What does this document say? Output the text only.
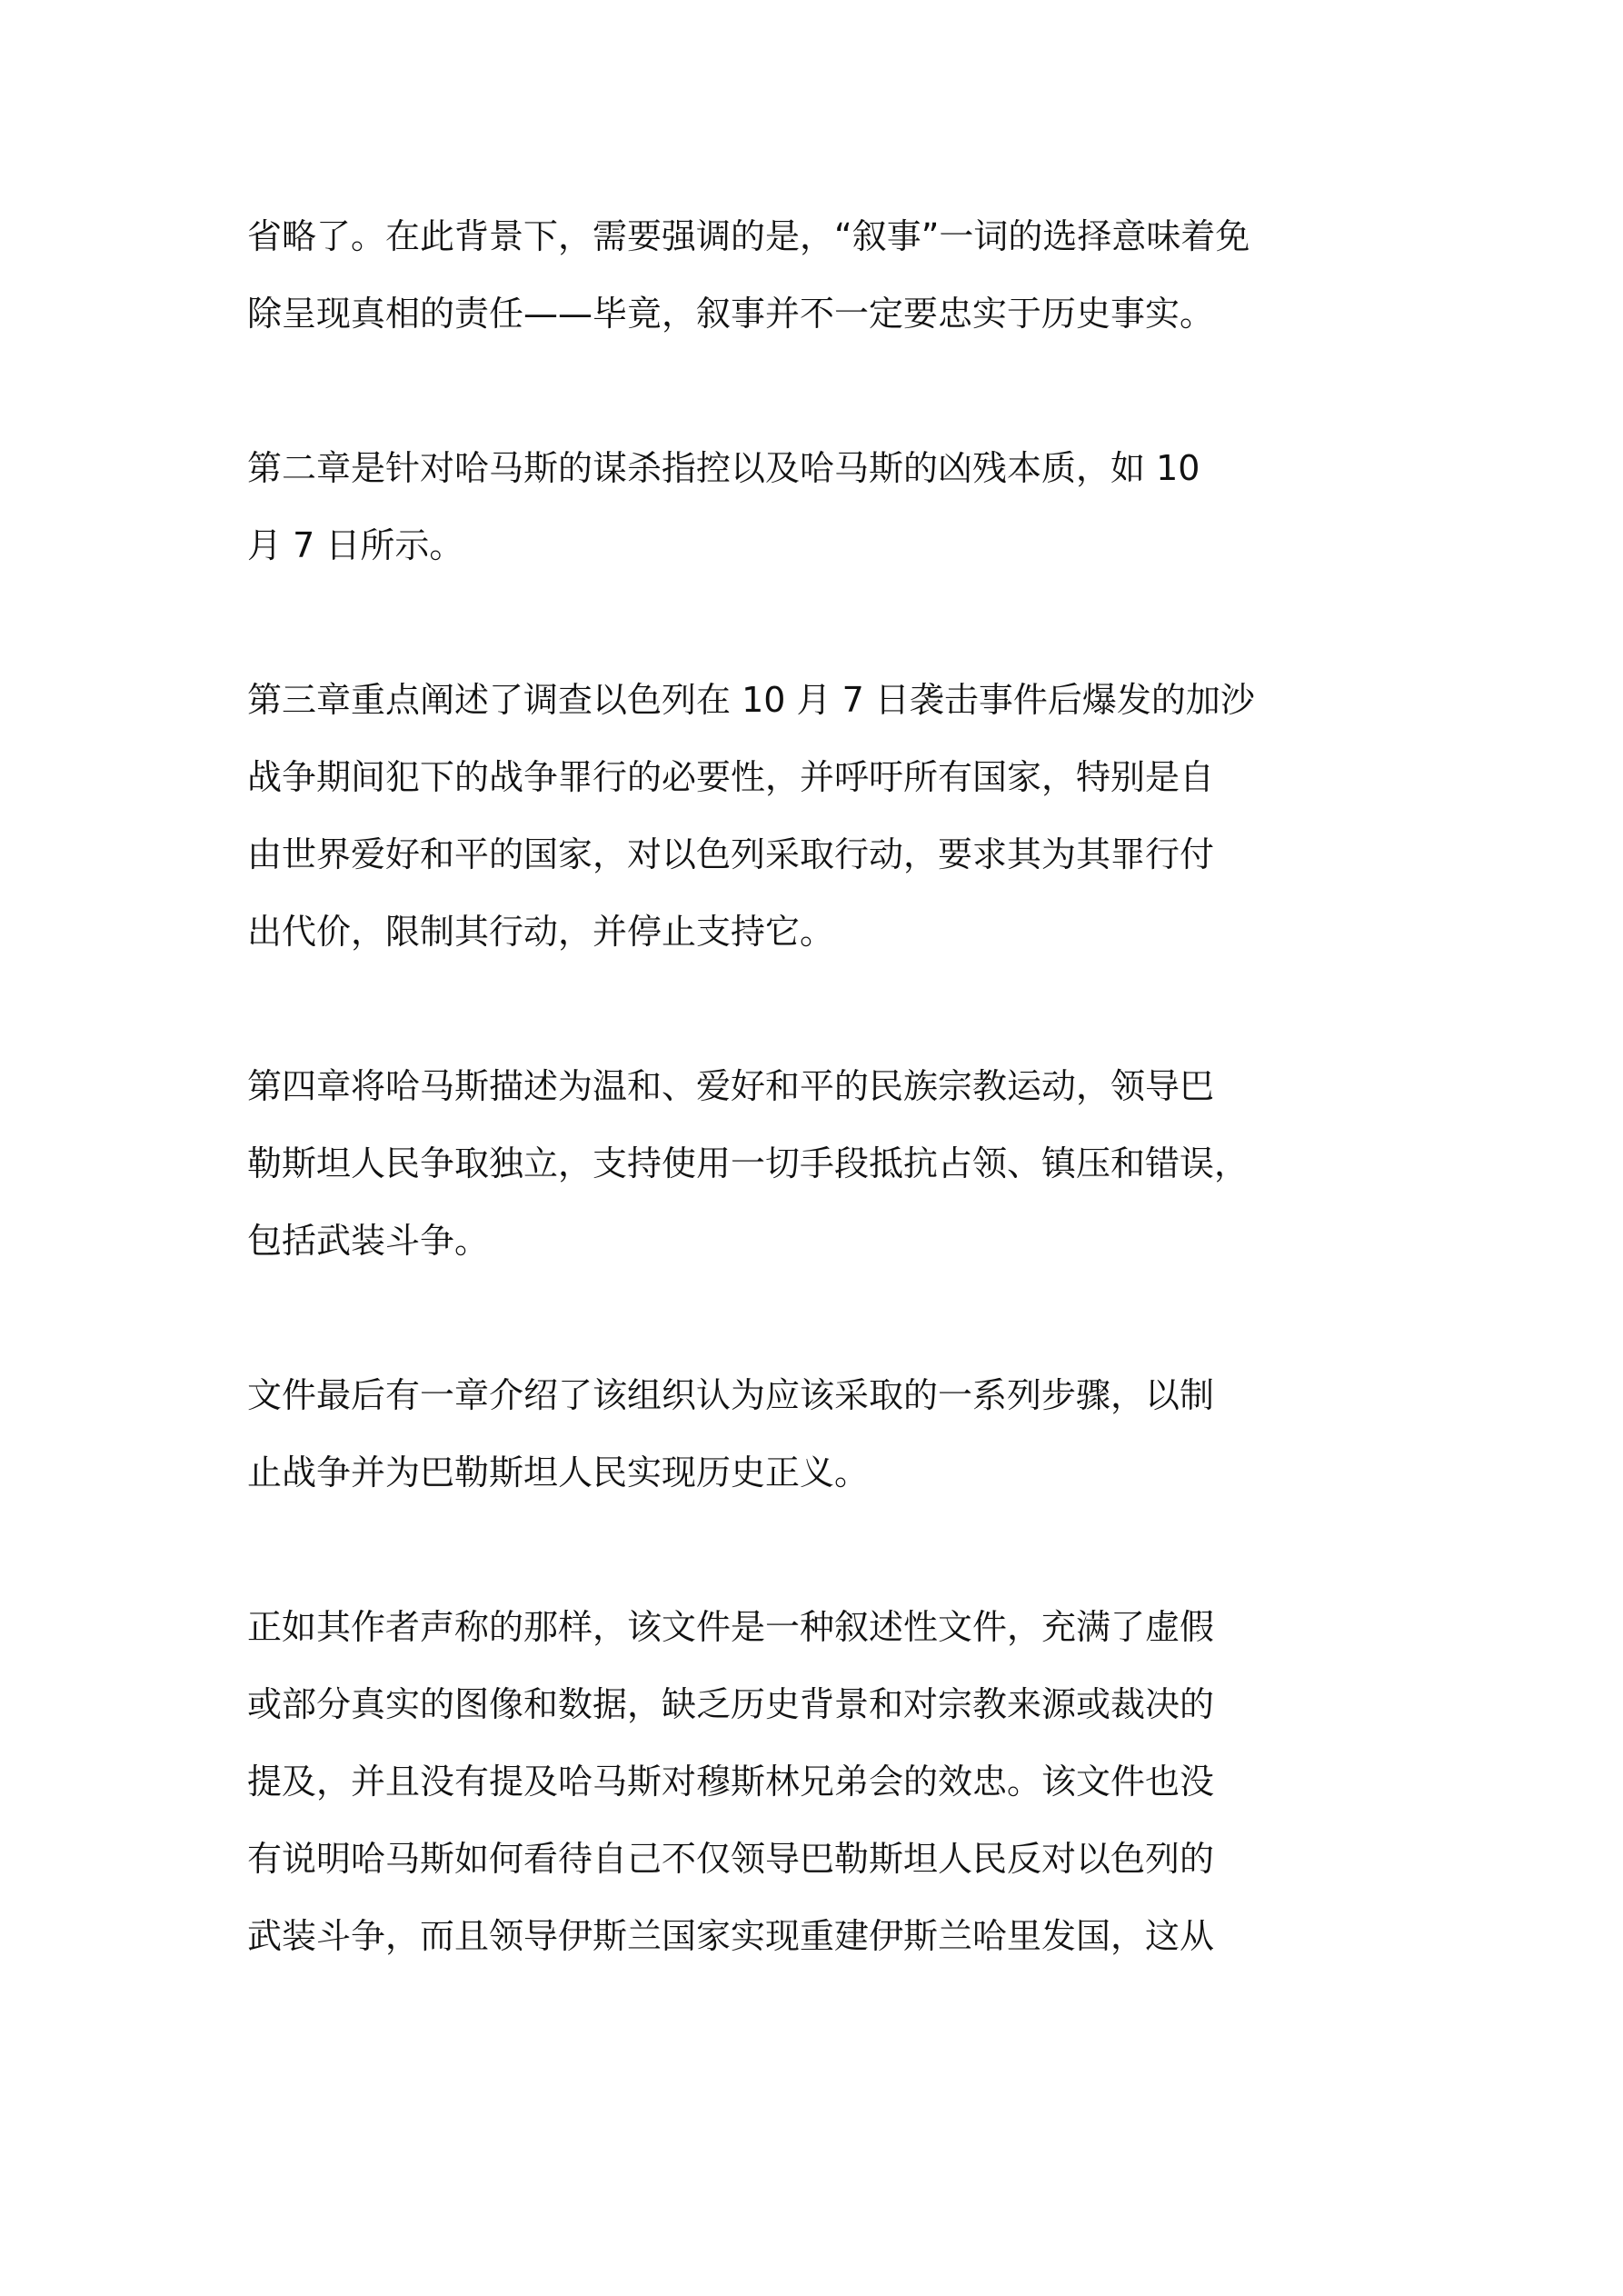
省略了。在此背景下，需要强调的是，“叙事”一词的选择意味着免
除呈现真相的责任——毕竟，叙事并不一定要忠实于历史事实。

第二章是针对哈马斯的谋杀指控以及哈马斯的凶残本质，如 10
月 7 日所示。

第三章重点阐述了调查以色列在 10 月 7 日袭击事件后爆发的加沙
战争期间犯下的战争罪行的必要性，并呼吁所有国家，特别是自
由世界爱好和平的国家，对以色列采取行动，要求其为其罪行付
出代价，限制其行动，并停止支持它。

第四章将哈马斯描述为温和、爱好和平的民族宗教运动，领导巴
勒斯坦人民争取独立，支持使用一切手段抵抗占领、镇压和错误，
包括武装斗争。

文件最后有一章介绍了该组织认为应该采取的一系列步骤，以制
止战争并为巴勒斯坦人民实现历史正义。

正如其作者声称的那样，该文件是一种叙述性文件，充满了虚假
或部分真实的图像和数据，缺乏历史背景和对宗教来源或裁决的
提及，并且没有提及哈马斯对穆斯林兄弟会的效忠。该文件也没
有说明哈马斯如何看待自己不仅领导巴勒斯坦人民反对以色列的
武装斗争，而且领导伊斯兰国家实现重建伊斯兰哈里发国，这从
